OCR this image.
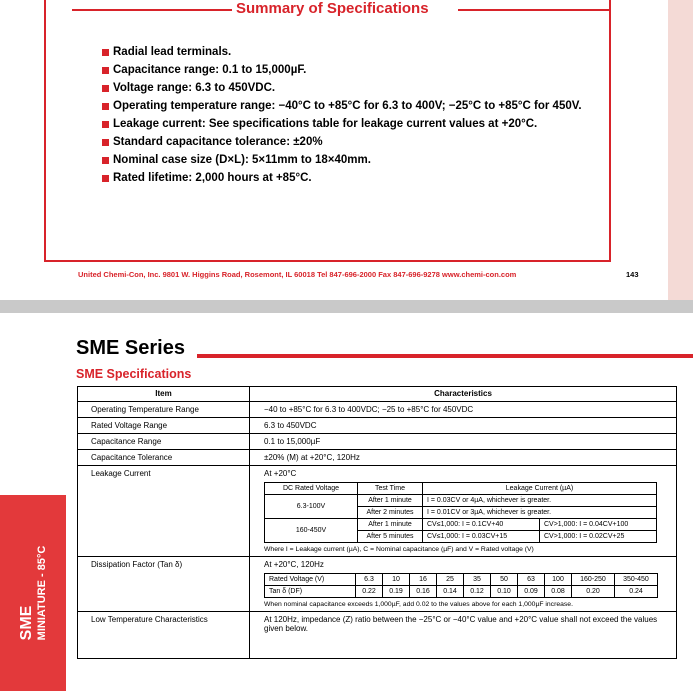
Summary of Specifications
Radial lead terminals.
Capacitance range: 0.1 to 15,000µF.
Voltage range: 6.3 to 450VDC.
Operating temperature range: −40°C to +85°C for 6.3 to 400V; −25°C to +85°C for 450V.
Leakage current: See specifications table for leakage current values at +20°C.
Standard capacitance tolerance: ±20%
Nominal case size (D×L): 5×11mm to 18×40mm.
Rated lifetime: 2,000 hours at +85°C.
United Chemi-Con, Inc. 9801 W. Higgins Road, Rosemont, IL 60018 Tel 847-696-2000 Fax 847-696-9278 www.chemi-con.com	143
SME Series
SME Specifications
SME MINIATURE - 85°C
Item	Characteristics
Operating Temperature Range	−40 to +85°C for 6.3 to 400VDC; −25 to +85°C for 450VDC
Rated Voltage Range	6.3 to 450VDC
Capacitance Range	0.1 to 15,000µF
Capacitance Tolerance	±20% (M) at +20°C, 120Hz
Leakage Current	At +20°C
DC Rated Voltage	Test Time	Leakage Current (µA)
6.3-100V	After 1 minute	I = 0.03CV or 4µA, whichever is greater.
After 2 minutes	I = 0.01CV or 3µA, whichever is greater.
160-450V	After 1 minute	CV≤1,000: I = 0.1CV+40	CV>1,000: I = 0.04CV+100
After 5 minutes	CV≤1,000: I = 0.03CV+15	CV>1,000: I = 0.02CV+25
Where I = Leakage current (µA), C = Nominal capacitance (µF) and V = Rated voltage (V)

Dissipation Factor (Tan δ)	At +20°C, 120Hz
Rated Voltage (V)	6.3	10	16	25	35	50	63	100	160-250	350-450
Tan δ (DF)	0.22	0.19	0.16	0.14	0.12	0.10	0.09	0.08	0.20	0.24
When nominal capacitance exceeds 1,000µF, add 0.02 to the values above for each 1,000µF increase.

Low Temperature Characteristics	At 120Hz, impedance (Z) ratio between the −25°C or −40°C value and +20°C value shall not exceed the values given below.
